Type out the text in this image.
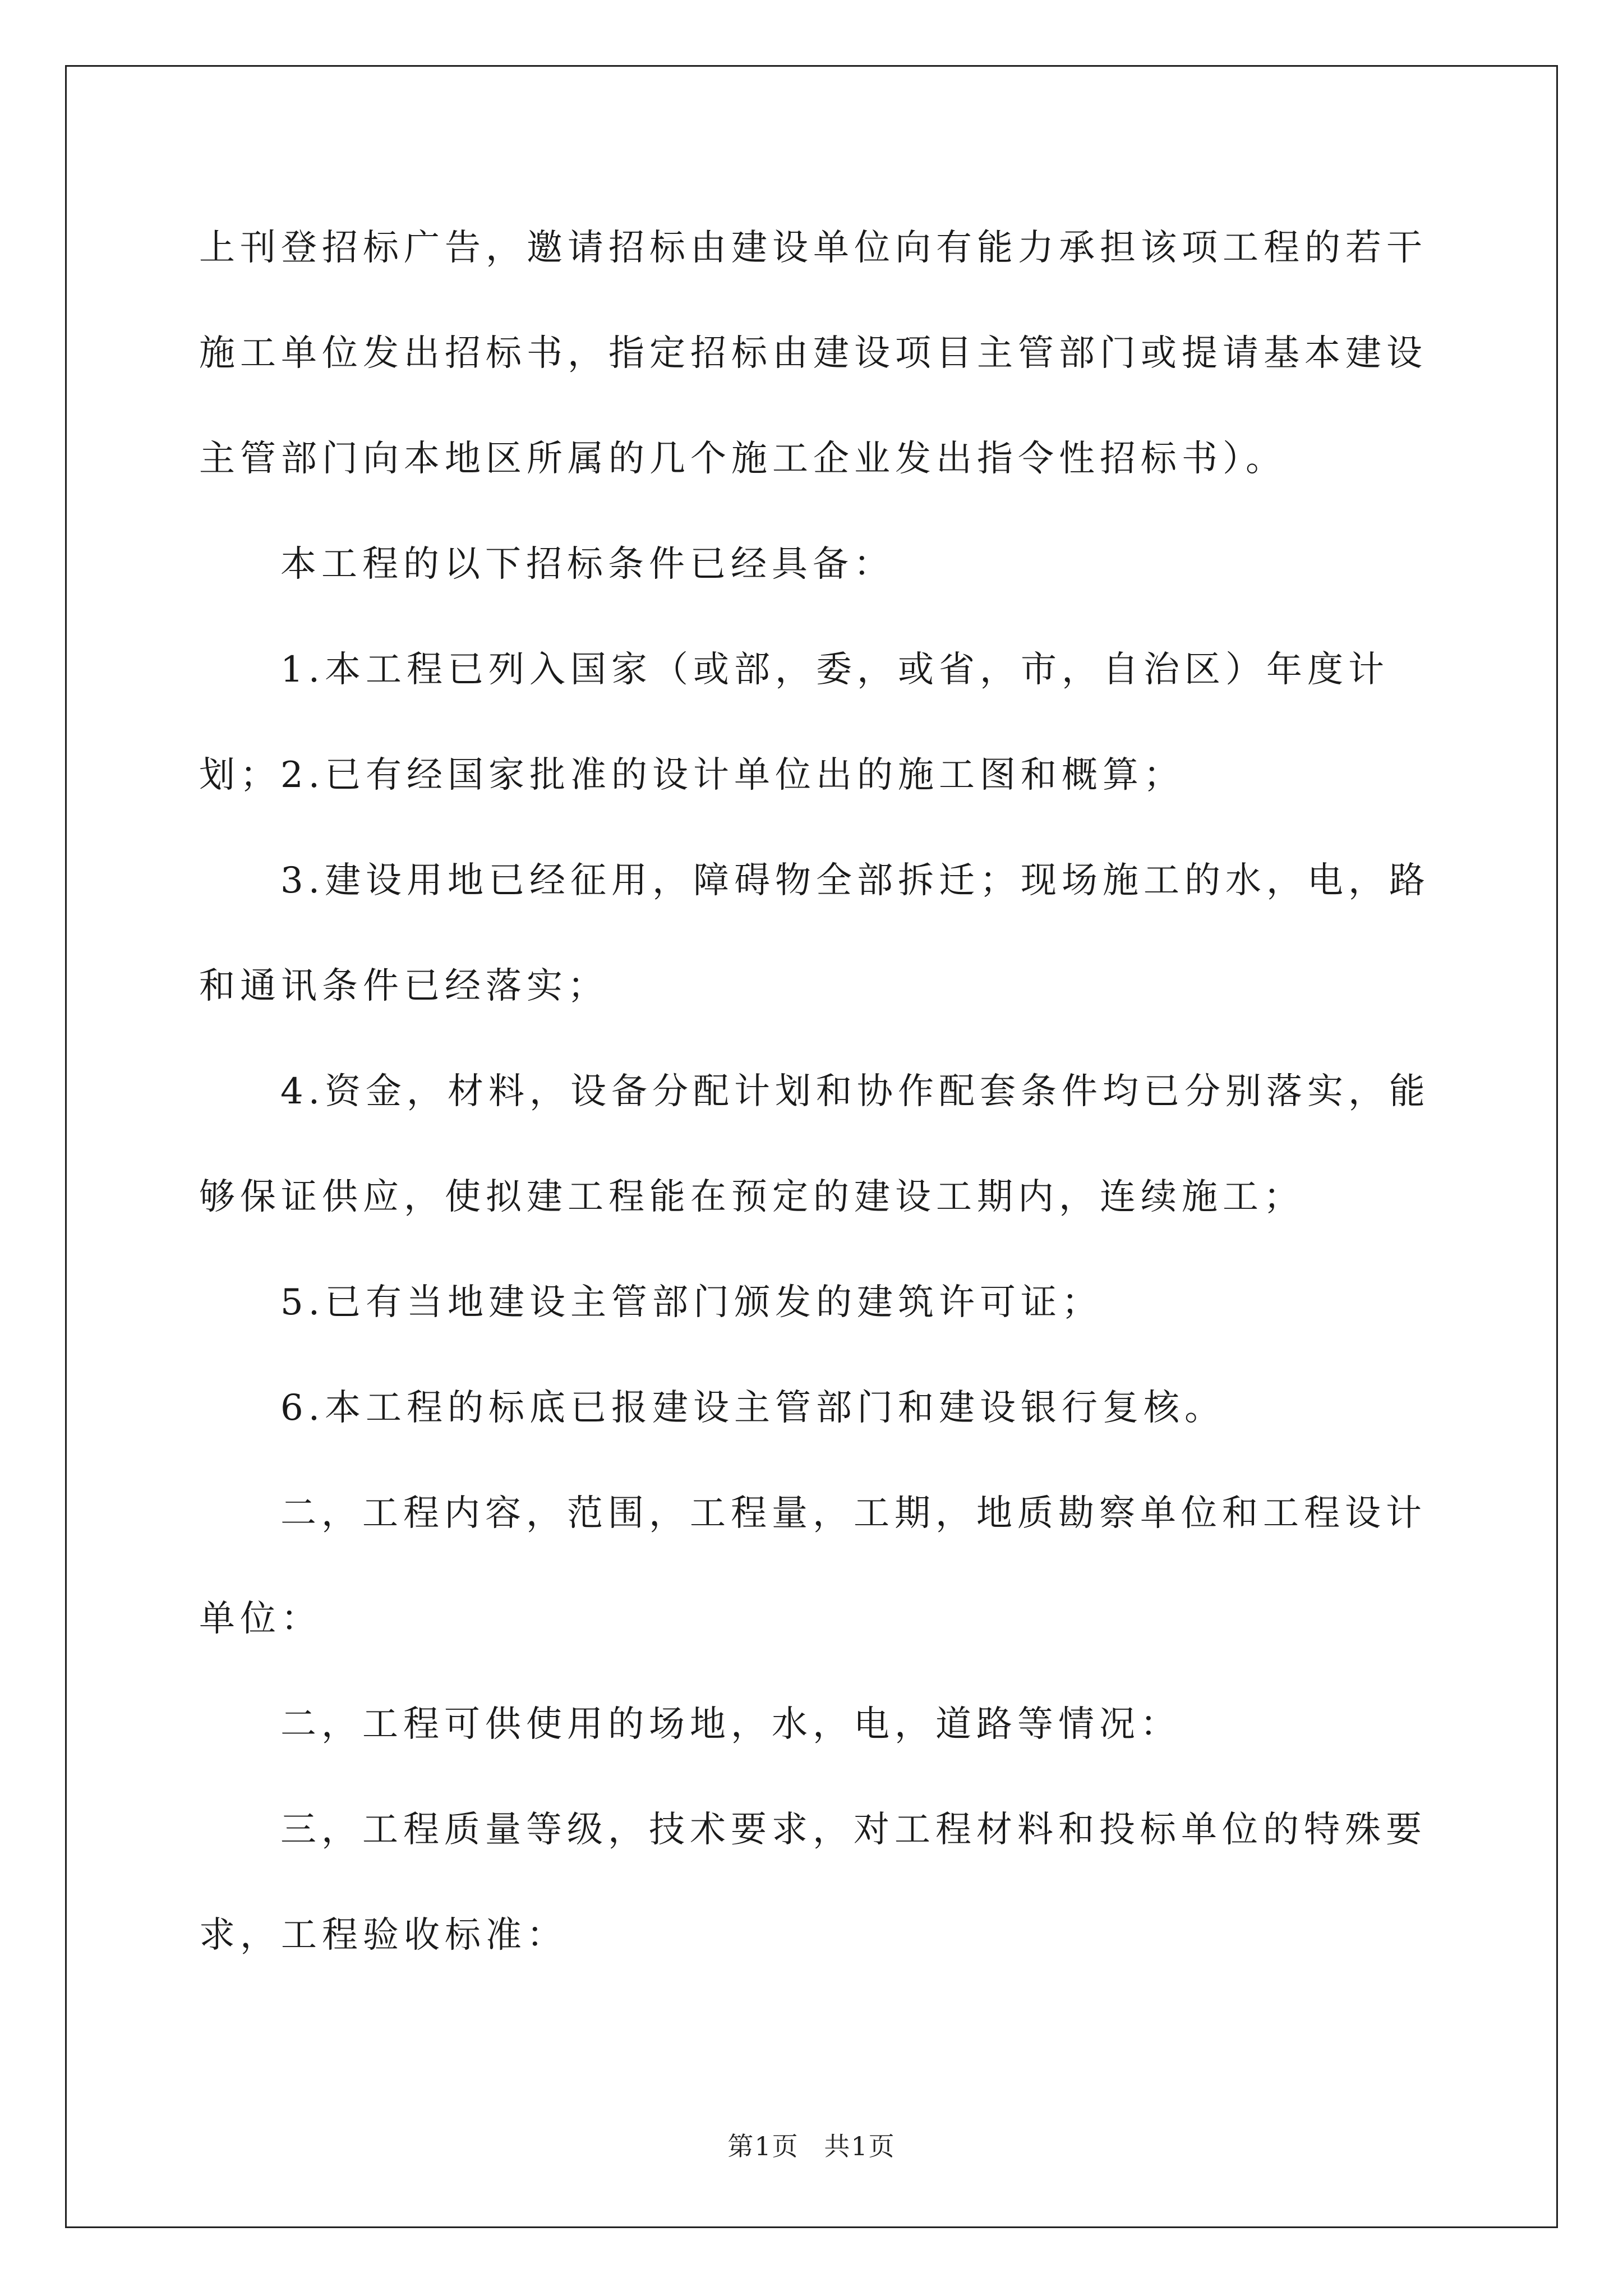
上刊登招标广告，邀请招标由建设单位向有能力承担该项工程的若干施工单位发出招标书，指定招标由建设项目主管部门或提请基本建设主管部门向本地区所属的几个施工企业发出指令性招标书）。

本工程的以下招标条件已经具备：

1.本工程已列入国家（或部，委，或省，市，自治区）年度计划； 2.已有经国家批准的设计单位出的施工图和概算；

3.建设用地已经征用，障碍物全部拆迁；现场施工的水，电，路和通讯条件已经落实；

4.资金，材料，设备分配计划和协作配套条件均已分别落实，能够保证供应，使拟建工程能在预定的建设工期内，连续施工；

5.已有当地建设主管部门颁发的建筑许可证；

6.本工程的标底已报建设主管部门和建设银行复核。

二，工程内容，范围，工程量，工期，地质勘察单位和工程设计单位：

二，工程可供使用的场地，水，电，道路等情况：

三，工程质量等级，技术要求，对工程材料和投标单位的特殊要求，工程验收标准：

第1页 共1页
